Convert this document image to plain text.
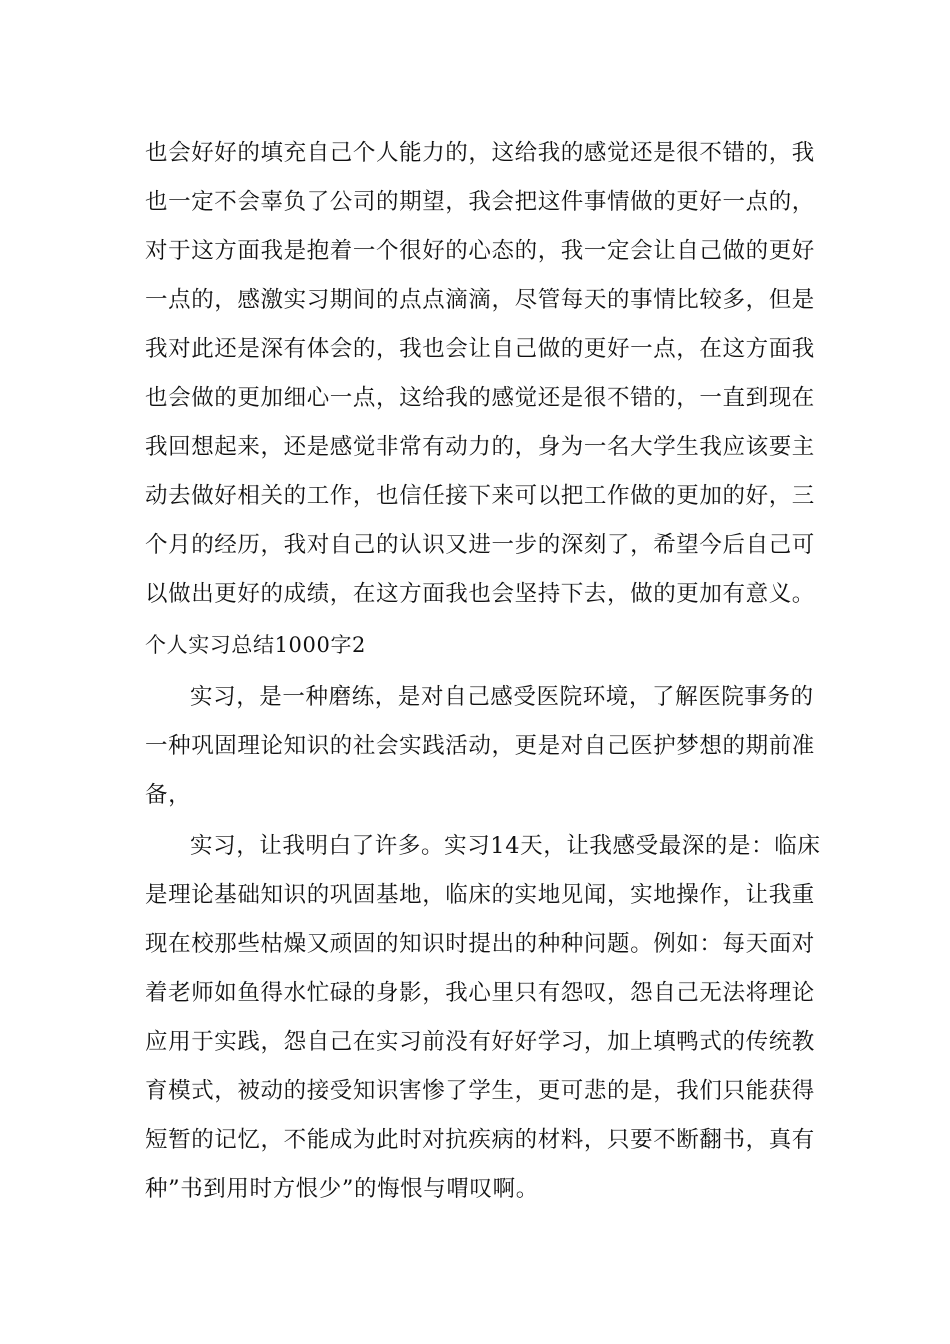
也会好好的填充自己个人能力的，这给我的感觉还是很不错的，我
也一定不会辜负了公司的期望，我会把这件事情做的更好一点的，
对于这方面我是抱着一个很好的心态的，我一定会让自己做的更好
一点的，感激实习期间的点点滴滴，尽管每天的事情比较多，但是
我对此还是深有体会的，我也会让自己做的更好一点，在这方面我
也会做的更加细心一点，这给我的感觉还是很不错的，一直到现在
我回想起来，还是感觉非常有动力的，身为一名大学生我应该要主
动去做好相关的工作，也信任接下来可以把工作做的更加的好，三
个月的经历，我对自己的认识又进一步的深刻了，希望今后自己可
以做出更好的成绩，在这方面我也会坚持下去，做的更加有意义。
个人实习总结1000字2
实习，是一种磨练，是对自己感受医院环境，了解医院事务的
一种巩固理论知识的社会实践活动，更是对自己医护梦想的期前准
备，
实习，让我明白了许多。实习14天，让我感受最深的是：临床
是理论基础知识的巩固基地，临床的实地见闻，实地操作，让我重
现在校那些枯燥又顽固的知识时提出的种种问题。例如：每天面对
着老师如鱼得水忙碌的身影，我心里只有怨叹，怨自己无法将理论
应用于实践，怨自己在实习前没有好好学习，加上填鸭式的传统教
育模式，被动的接受知识害惨了学生，更可悲的是，我们只能获得
短暂的记忆，不能成为此时对抗疾病的材料，只要不断翻书，真有
种”书到用时方恨少”的悔恨与喟叹啊。
